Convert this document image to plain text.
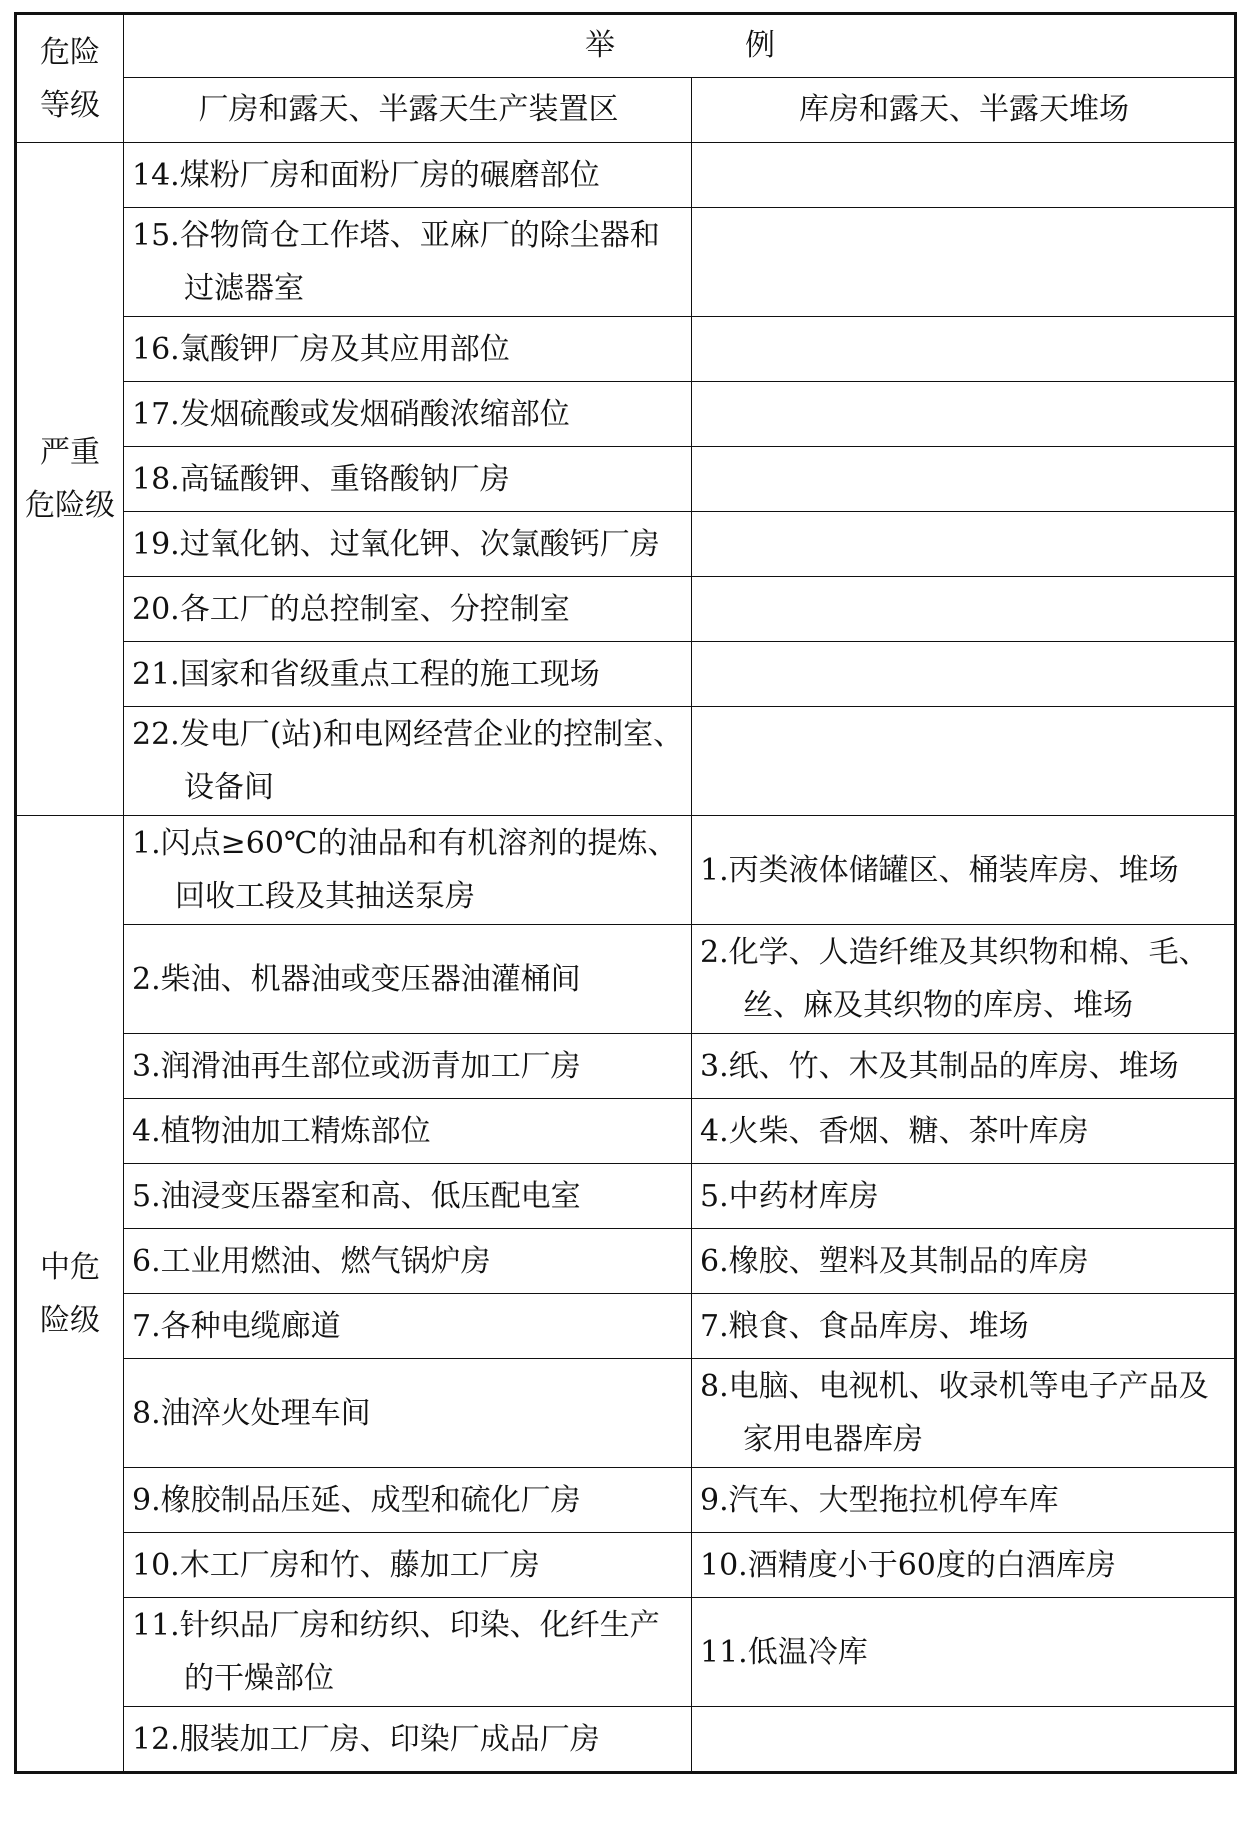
危险
等级	举 例	
	厂房和露天、半露天生产装置区	库房和露天、半露天堆场
严重
危险级	14.煤粉厂房和面粉厂房的碾磨部位	

	15.谷物筒仓工作塔、亚麻厂的除尘器和过滤器室	

	16.氯酸钾厂房及其应用部位	

	17.发烟硫酸或发烟硝酸浓缩部位	

	18.高锰酸钾、重铬酸钠厂房	

	19.过氧化钠、过氧化钾、次氯酸钙厂房	

	20.各工厂的总控制室、分控制室	

	21.国家和省级重点工程的施工现场	

	22.发电厂(站)和电网经营企业的控制室、设备间	

中危
险级	1.闪点≥60℃的油品和有机溶剂的提炼、回收工段及其抽送泵房	1.丙类液体储罐区、桶装库房、堆场

	2.柴油、机器油或变压器油灌桶间	2.化学、人造纤维及其织物和棉、毛、丝、麻及其织物的库房、堆场

	3.润滑油再生部位或沥青加工厂房	3.纸、竹、木及其制品的库房、堆场

	4.植物油加工精炼部位	4.火柴、香烟、糖、茶叶库房

	5.油浸变压器室和高、低压配电室	5.中药材库房

	6.工业用燃油、燃气锅炉房	6.橡胶、塑料及其制品的库房

	7.各种电缆廊道	7.粮食、食品库房、堆场

	8.油淬火处理车间	8.电脑、电视机、收录机等电子产品及家用电器库房

	9.橡胶制品压延、成型和硫化厂房	9.汽车、大型拖拉机停车库

	10.木工厂房和竹、藤加工厂房	10.酒精度小于60度的白酒库房

	11.针织品厂房和纺织、印染、化纤生产的干燥部位	11.低温冷库

	12.服装加工厂房、印染厂成品厂房	
